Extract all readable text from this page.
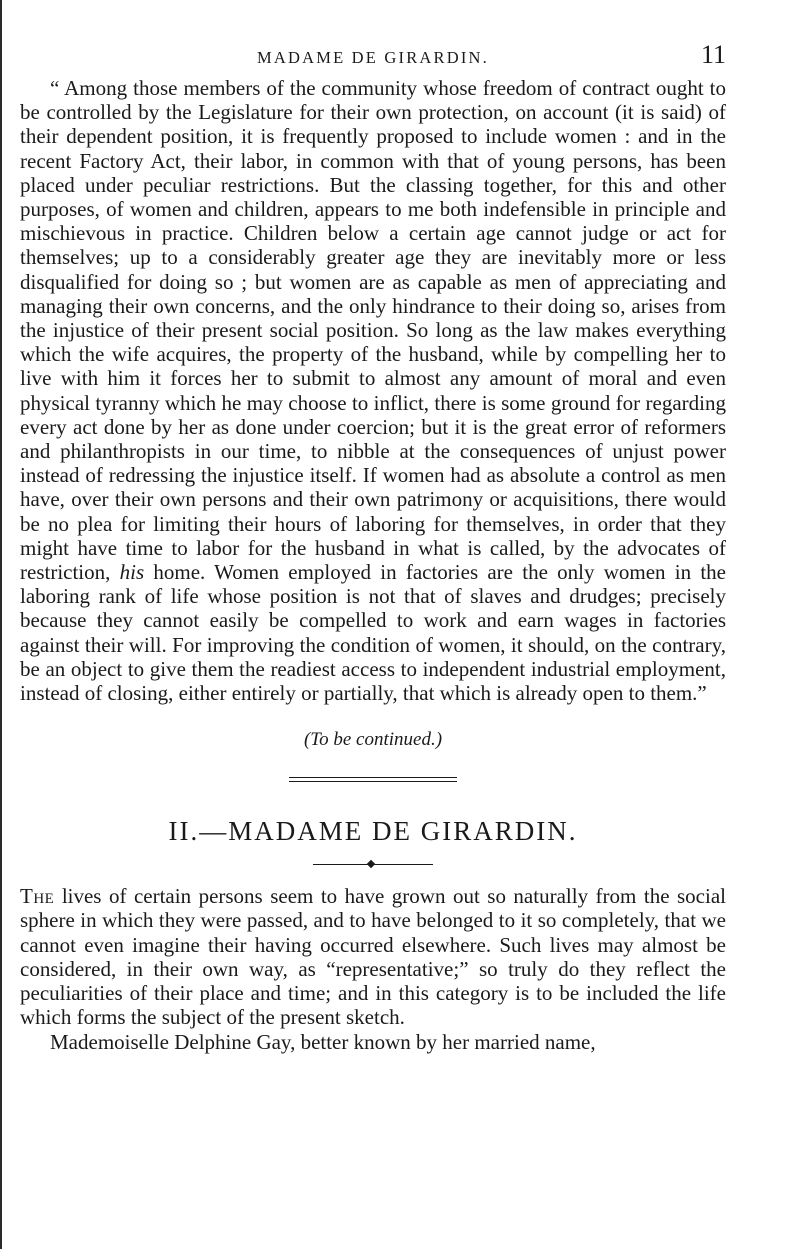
MADAME DE GIRARDIN.	11

“ Among those members of the community whose freedom of contract ought to be controlled by the Legislature for their own protection, on account (it is said) of their dependent position, it is frequently proposed to include women : and in the recent Factory Act, their labor, in common with that of young persons, has been placed under peculiar restrictions. But the classing together, for this and other purposes, of women and children, appears to me both indefensible in principle and mischievous in practice. Children below a certain age cannot judge or act for themselves; up to a considerably greater age they are inevitably more or less disqualified for doing so ; but women are as capable as men of appreciating and managing their own concerns, and the only hindrance to their doing so, arises from the injustice of their present social position. So long as the law makes everything which the wife acquires, the property of the husband, while by compelling her to live with him it forces her to submit to almost any amount of moral and even physical tyranny which he may choose to inflict, there is some ground for regarding every act done by her as done under coercion; but it is the great error of reformers and philanthropists in our time, to nibble at the consequences of unjust power instead of redressing the injustice itself. If women had as absolute a control as men have, over their own persons and their own patrimony or acquisitions, there would be no plea for limiting their hours of laboring for themselves, in order that they might have time to labor for the husband in what is called, by the advocates of restriction, his home. Women employed in factories are the only women in the laboring rank of life whose position is not that of slaves and drudges; precisely because they cannot easily be compelled to work and earn wages in factories against their will. For improving the condition of women, it should, on the contrary, be an object to give them the readiest access to independent industrial employment, instead of closing, either entirely or partially, that which is already open to them.”

(To be continued.)
II.—MADAME DE GIRARDIN.

The lives of certain persons seem to have grown out so naturally from the social sphere in which they were passed, and to have belonged to it so completely, that we cannot even imagine their having occurred elsewhere. Such lives may almost be considered, in their own way, as “representative;” so truly do they reflect the peculiarities of their place and time; and in this category is to be included the life which forms the subject of the present sketch.

Mademoiselle Delphine Gay, better known by her married name,
